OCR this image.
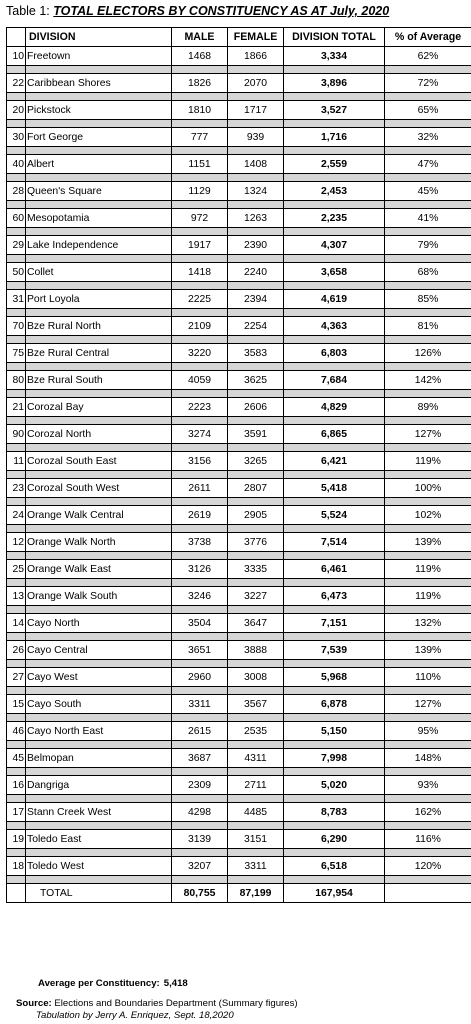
Table 1: TOTAL ELECTORS BY CONSTITUENCY AS AT July, 2020
	DIVISION	MALE	FEMALE	DIVISION TOTAL	% of Average
10	Freetown	1468	1866	3,334	62%

22	Caribbean Shores	1826	2070	3,896	72%

20	Pickstock	1810	1717	3,527	65%

30	Fort George	777	939	1,716	32%

40	Albert	1151	1408	2,559	47%

28	Queen's Square	1129	1324	2,453	45%

60	Mesopotamia	972	1263	2,235	41%

29	Lake Independence	1917	2390	4,307	79%

50	Collet	1418	2240	3,658	68%

31	Port Loyola	2225	2394	4,619	85%

70	Bze Rural North	2109	2254	4,363	81%

75	Bze Rural Central	3220	3583	6,803	126%

80	Bze Rural South	4059	3625	7,684	142%

21	Corozal Bay	2223	2606	4,829	89%

90	Corozal North	3274	3591	6,865	127%

11	Corozal South East	3156	3265	6,421	119%

23	Corozal South West	2611	2807	5,418	100%

24	Orange Walk Central	2619	2905	5,524	102%

12	Orange Walk North	3738	3776	7,514	139%

25	Orange Walk East	3126	3335	6,461	119%

13	Orange Walk South	3246	3227	6,473	119%

14	Cayo North	3504	3647	7,151	132%

26	Cayo Central	3651	3888	7,539	139%

27	Cayo West	2960	3008	5,968	110%

15	Cayo South	3311	3567	6,878	127%

46	Cayo North East	2615	2535	5,150	95%

45	Belmopan	3687	4311	7,998	148%

16	Dangriga	2309	2711	5,020	93%

17	Stann Creek West	4298	4485	8,783	162%

19	Toledo East	3139	3151	6,290	116%

18	Toledo West	3207	3311	6,518	120%

	TOTAL	80,755	87,199	167,954	
Average per Constituency: 5,418
Source: Elections and Boundaries Department (Summary figures)
Tabulation by Jerry A. Enriquez, Sept. 18,2020
